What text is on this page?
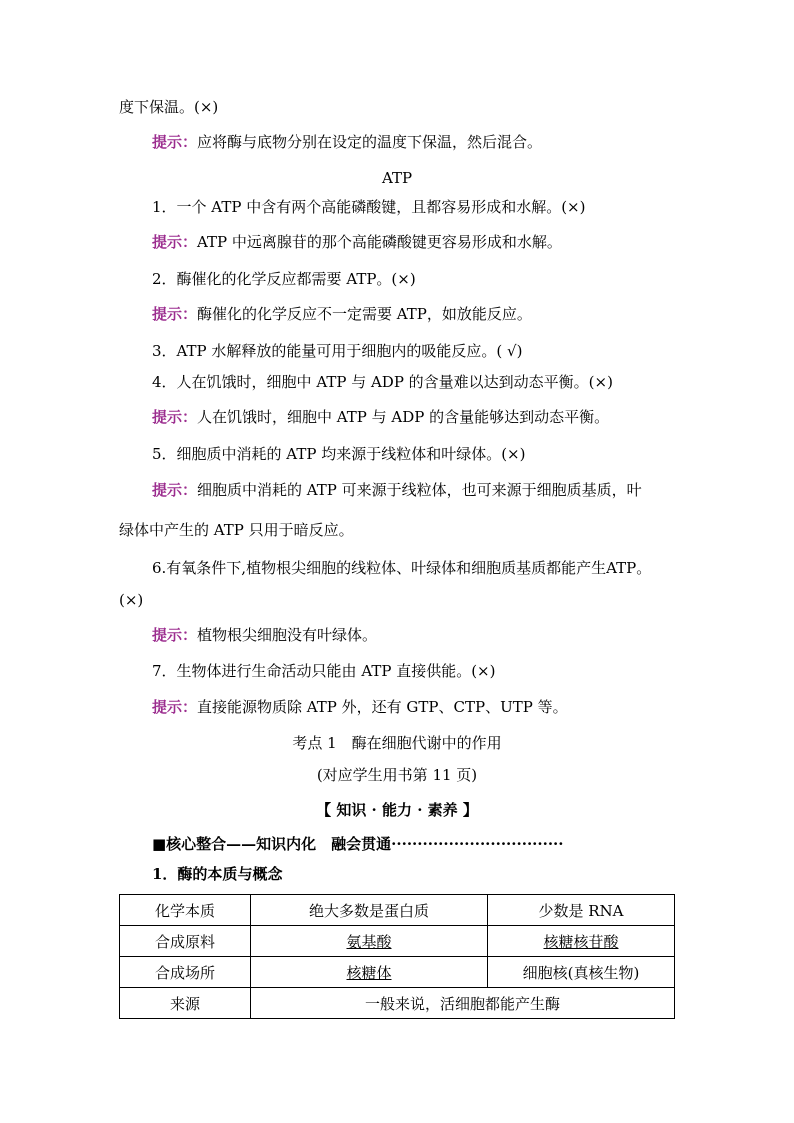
度下保温。(×)
提示：应将酶与底物分别在设定的温度下保温，然后混合。
ATP
1．一个 ATP 中含有两个高能磷酸键，且都容易形成和水解。(×)
提示：ATP 中远离腺苷的那个高能磷酸键更容易形成和水解。
2．酶催化的化学反应都需要 ATP。(×)
提示：酶催化的化学反应不一定需要 ATP，如放能反应。
3．ATP 水解释放的能量可用于细胞内的吸能反应。( √)
4．人在饥饿时，细胞中 ATP 与 ADP 的含量难以达到动态平衡。(×)
提示：人在饥饿时，细胞中 ATP 与 ADP 的含量能够达到动态平衡。
5．细胞质中消耗的 ATP 均来源于线粒体和叶绿体。(×)
提示：细胞质中消耗的 ATP 可来源于线粒体，也可来源于细胞质基质，叶
绿体中产生的 ATP 只用于暗反应。
6.有氧条件下,植物根尖细胞的线粒体、叶绿体和细胞质基质都能产生ATP。
(×)
提示：植物根尖细胞没有叶绿体。
7．生物体进行生命活动只能由 ATP 直接供能。(×)
提示：直接能源物质除 ATP 外，还有 GTP、CTP、UTP 等。
考点 1　酶在细胞代谢中的作用
(对应学生用书第 11 页)
【 知识 · 能力 · 素养 】
■核心整合——知识内化　融会贯通·································
1．酶的本质与概念
化学本质	绝大多数是蛋白质	少数是 RNA
合成原料	氨基酸	核糖核苷酸
合成场所	核糖体	细胞核(真核生物)
来源	一般来说，活细胞都能产生酶	
